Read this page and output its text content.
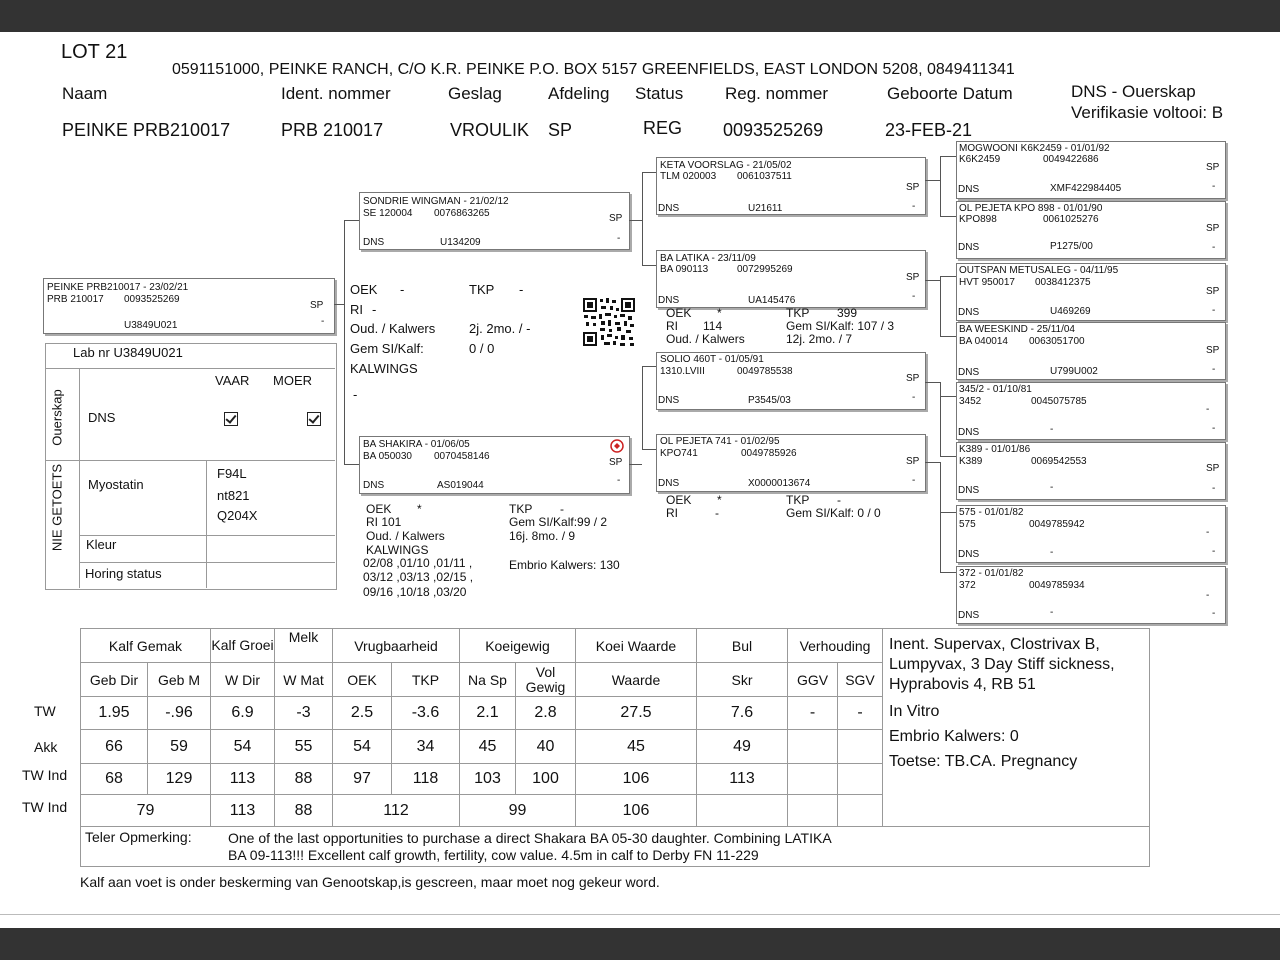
LOT 21
0591151000, PEINKE RANCH, C/O K.R. PEINKE P.O. BOX 5157 GREENFIELDS, EAST LONDON 5208, 0849411341
Naam	Ident. nommer	Geslag	Afdeling Status Reg. nommer	Geboorte Datum	DNS - Ouerskap
Verifikasie voltooi: B
PEINKE PRB210017	PRB 210017	VROULIK SP	REG 0093525269	23-FEB-21
PEINKE PRB210017 - 23/02/21
PRB 210017 0093525269
SP
-
U3849U021
OEK -	TKP -
RI -
Oud. / Kalwers	2j. 2mo. / -
Gem SI/Kalf:	0 / 0
KALWINGS
-
Lab nr U3849U021
VAAR MOER
Ouerskap
NIE GETOETS
DNS

Myostatin
F94L
nt821
Q204X
Kleur
Horing status
SONDRIE WINGMAN - 21/02/12
SE 120004 0076863265	SP
-
DNS	U134209
BA SHAKIRA - 01/06/05
BA 050030 0070458146
SP
-
DNS	AS019044
OEK *	TKP -
RI 101	Gem SI/Kalf:99 / 2
Oud. / Kalwers	16j. 8mo. / 9
KALWINGS
02/08 ,01/10 ,01/11 ,
03/12 ,03/13 ,02/15 ,
09/16 ,10/18 ,03/20
Embrio Kalwers: 130
KETA VOORSLAG - 21/05/02
TLM 020003 0061037511
SP
-
DNS	U21611
BA LATIKA - 23/11/09
BA 090113	0072995269
SP
-
DNS	UA145476
SOLIO 460T - 01/05/91
1310.LVIII	0049785538
SP
-
DNS	P3545/03
OL PEJETA 741 - 01/02/95
KPO741	0049785926
SP
-
DNS	X0000013674
OEK *	TKP 399
RI 114	Gem SI/Kalf: 107 / 3
Oud. / Kalwers	12j. 2mo. / 7
OEK *	TKP -
RI	-	Gem SI/Kalf: 0 / 0
MOGWOONI K6K2459 - 01/01/92
K6K2459	0049422686
SP
-
DNS	XMF422984405
OL PEJETA KPO 898 - 01/01/90
KPO898	0061025276
SP
-
DNS	P1275/00
OUTSPAN METUSALEG - 04/11/95
HVT 950017 0038412375
SP
-
DNS	U469269
BA WEESKIND - 25/11/04
BA 040014 0063051700
SP
-
DNS	U799U002
345/2 - 01/10/81
3452	0045075785
-
-
DNS	-
K389 - 01/01/86
K389	0069542553
SP
-
DNS	-
575 - 01/01/82
575	0049785942
-
-
DNS	-
372 - 01/01/82
372	0049785934
-
-
DNS	-
TW
Akk
TW Ind
TW Ind
Kalf Gemak		Kalf Groei	Melk	Vrugbaarheid		Koeigewig		Koei Waarde	Bul	Verhouding		Inent. Supervax, Clostrivax B, Lumpyvax, 3 Day Stiff sickness, Hyprabovis 4, RB 51
In Vitro
Embrio Kalwers: 0
Toetse: TB.CA. Pregnancy

Geb Dir	Geb M	W Dir	W Mat	OEK	TKP	Na Sp	Vol Gewig	Waarde	Skr	GGV	SGV	
1.95	-.96	6.9	-3	2.5	-3.6	2.1	2.8	27.5	7.6	-	-	
66	59	54	55	54	34	45	40	45	49			
68	129	113	88	97	118	103	100	106	113			
79		113	88	112		99		106				

Teler Opmerking: One of the last opportunities to purchase a direct Shakara BA 05-30 daughter. Combining LATIKA
BA 09-113!!! Excellent calf growth, fertility, cow value. 4.5m in calf to Derby FN 11-229												
Kalf aan voet is onder beskerming van Genootskap,is gescreen, maar moet nog gekeur word.
